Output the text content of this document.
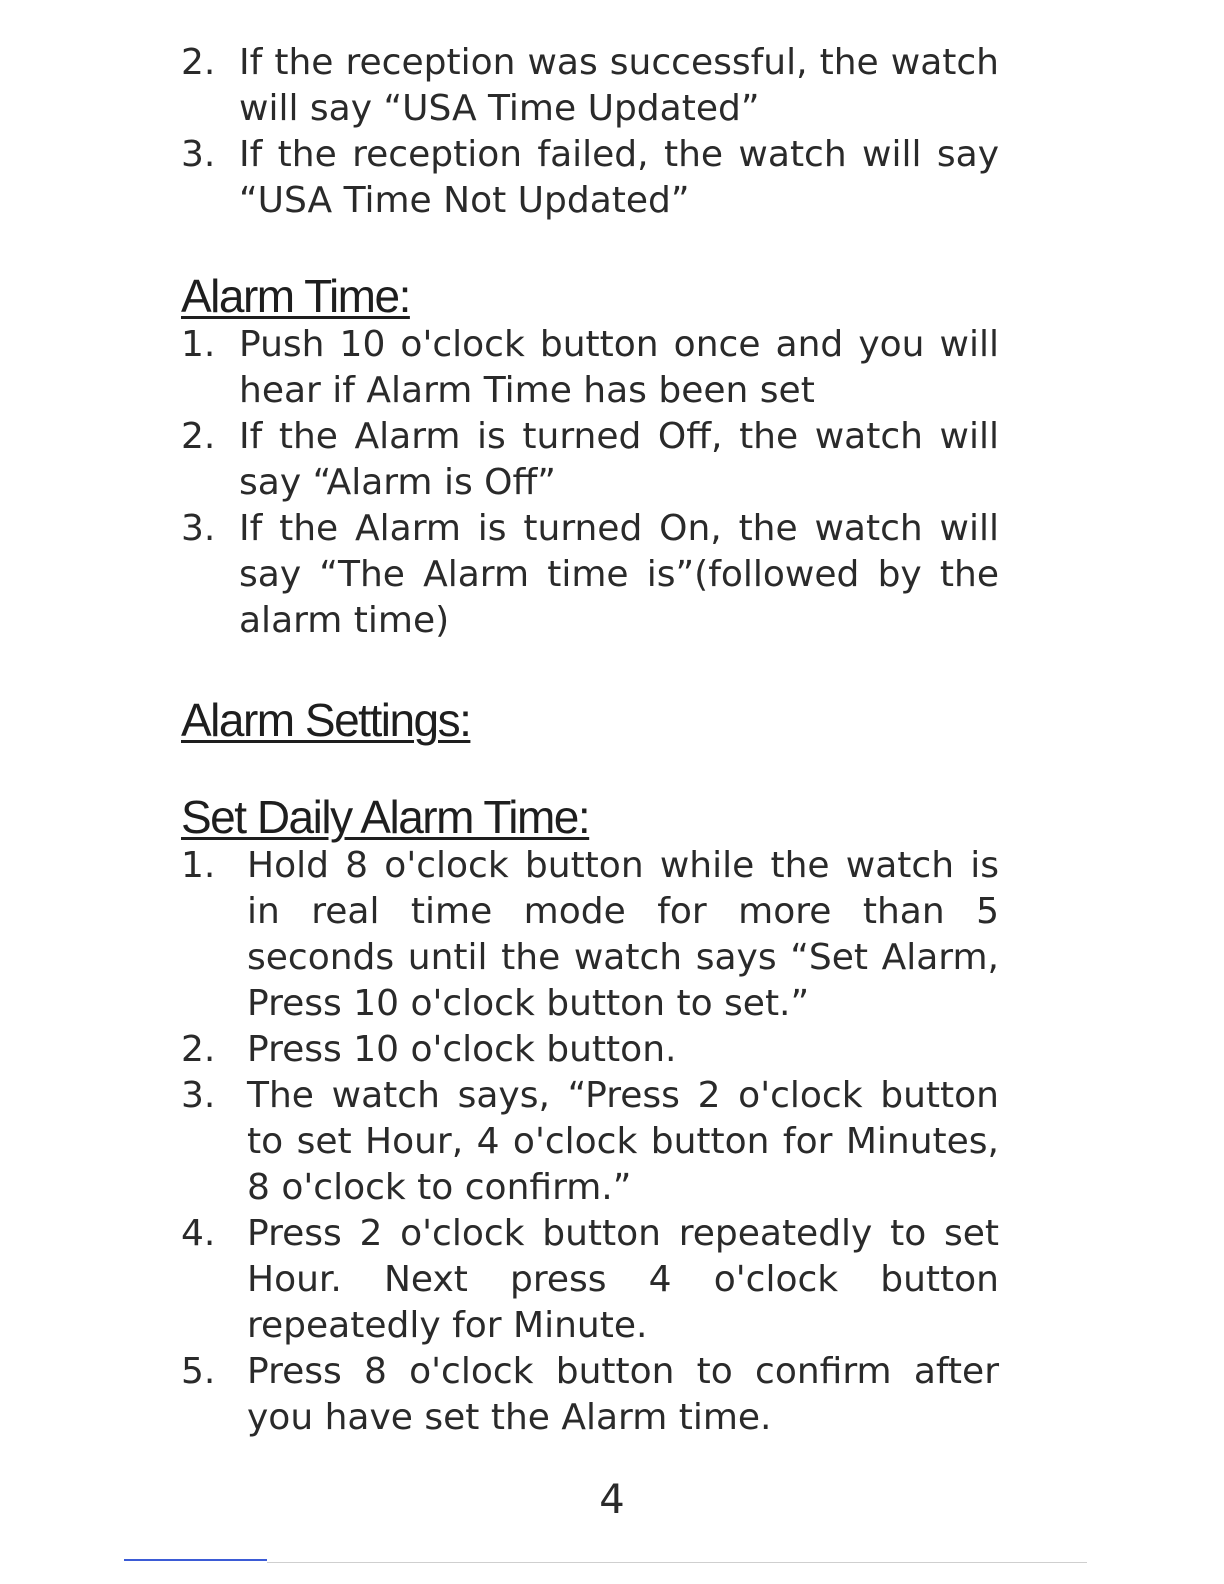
2. If the reception was successful, the watch will say “USA Time Updated”
3. If the reception failed, the watch will say “USA Time Not Updated”
Alarm Time:
1. Push 10 o'clock button once and you will hear if Alarm Time has been set
2. If the Alarm is turned Off, the watch will say “Alarm is Off”
3. If the Alarm is turned On, the watch will say “The Alarm time is”(followed by the alarm time)
Alarm Settings:
Set Daily Alarm Time:
1. Hold 8 o'clock button while the watch is in real time mode for more than 5 seconds until the watch says “Set Alarm, Press 10 o'clock button to set.”
2. Press 10 o'clock button.
3. The watch says, “Press 2 o'clock button to set Hour, 4 o'clock button for Minutes, 8 o'clock to confirm.”
4. Press 2 o'clock button repeatedly to set Hour. Next press 4 o'clock button repeatedly for Minute.
5. Press 8 o'clock button to confirm after you have set the Alarm time.
4
